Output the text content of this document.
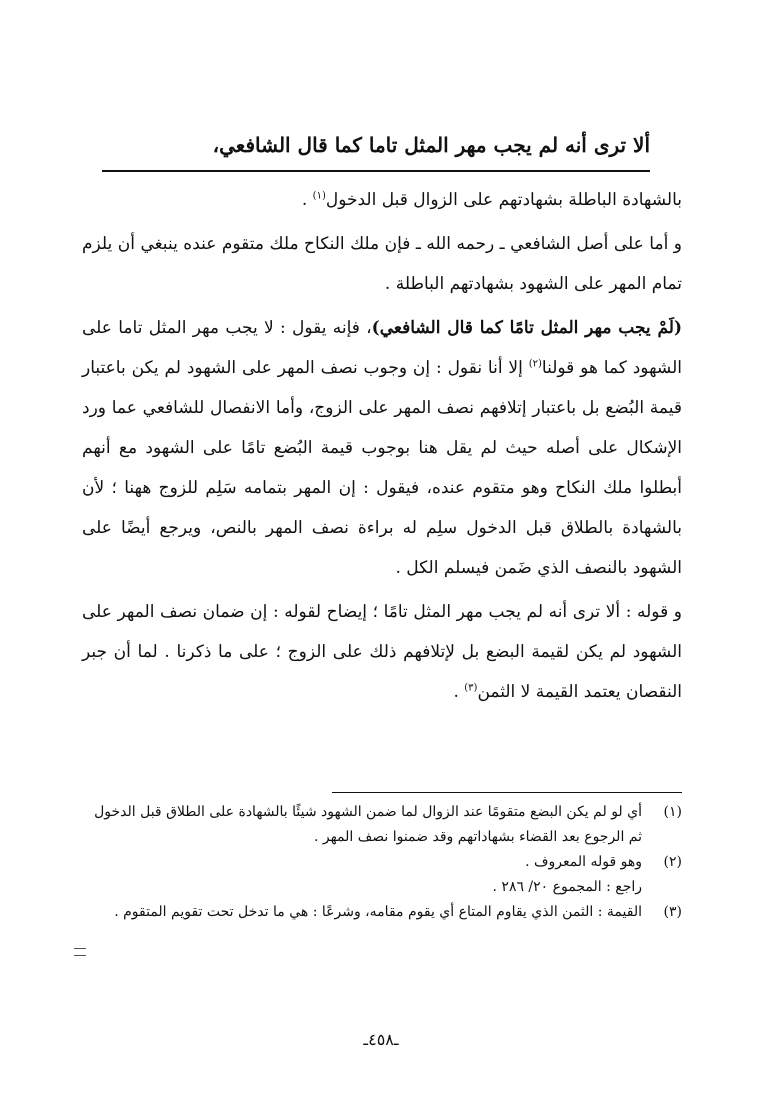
ألا ترى أنه لم يجب مهر المثل تاما كما قال الشافعي،

بالشهادة الباطلة بشهادتهم على الزوال قبل الدخول$^{(١)}$ .

و أما على أصل الشافعي ـ رحمه الله ـ فإن ملك النكاح ملك متقوم عنده ينبغي أن يلزم تمام المهر على الشهود بشهادتهم الباطلة .

(لَمْ يجب مهر المثل تامًا كما قال الشافعي)، فإنه يقول : لا يجب مهر المثل تاما على الشهود كما هو قولنا$^{(٢)}$ إلا أنا نقول : إن وجوب نصف المهر على الشهود لم يكن باعتبار قيمة البُضع بل باعتبار إتلافهم نصف المهر على الزوج، وأما الانفصال للشافعي عما ورد الإشكال على أصله حيث لم يقل هنا بوجوب قيمة البُضع تامًا على الشهود مع أنهم أبطلوا ملك النكاح وهو متقوم عنده، فيقول : إن المهر بتمامه سَلِم للزوج ههنا ؛ لأن بالشهادة بالطلاق قبل الدخول سلِم له براءة نصف المهر بالنص، ويرجع أيضًا على الشهود بالنصف الذي ضَمن فيسلم الكل .

و قوله : ألا ترى أنه لم يجب مهر المثل تامًا ؛ إيضاح لقوله : إن ضمان نصف المهر على الشهود لم يكن لقيمة البضع بل لإتلافهم ذلك على الزوج ؛ على ما ذكرنا . لما أن جبر النقصان يعتمد القيمة لا الثمن$^{(٣)}$ .

(١)
أي لو لم يكن البضع متقومًا عند الزوال لما ضمن الشهود شيئًا بالشهادة على الطلاق قبل الدخول ثم الرجوع بعد القضاء بشهاداتهم وقد ضمنوا نصف المهر .
(٢)
وهو قوله المعروف .
راجع : المجموع ٢٠/ ٢٨٦ .
(٣)
القيمة : الثمن الذي يقاوم المتاع أي يقوم مقامه، وشرعًا : هي ما تدخل تحت تقويم المتقوم .
ـ٤٥٨ـ
